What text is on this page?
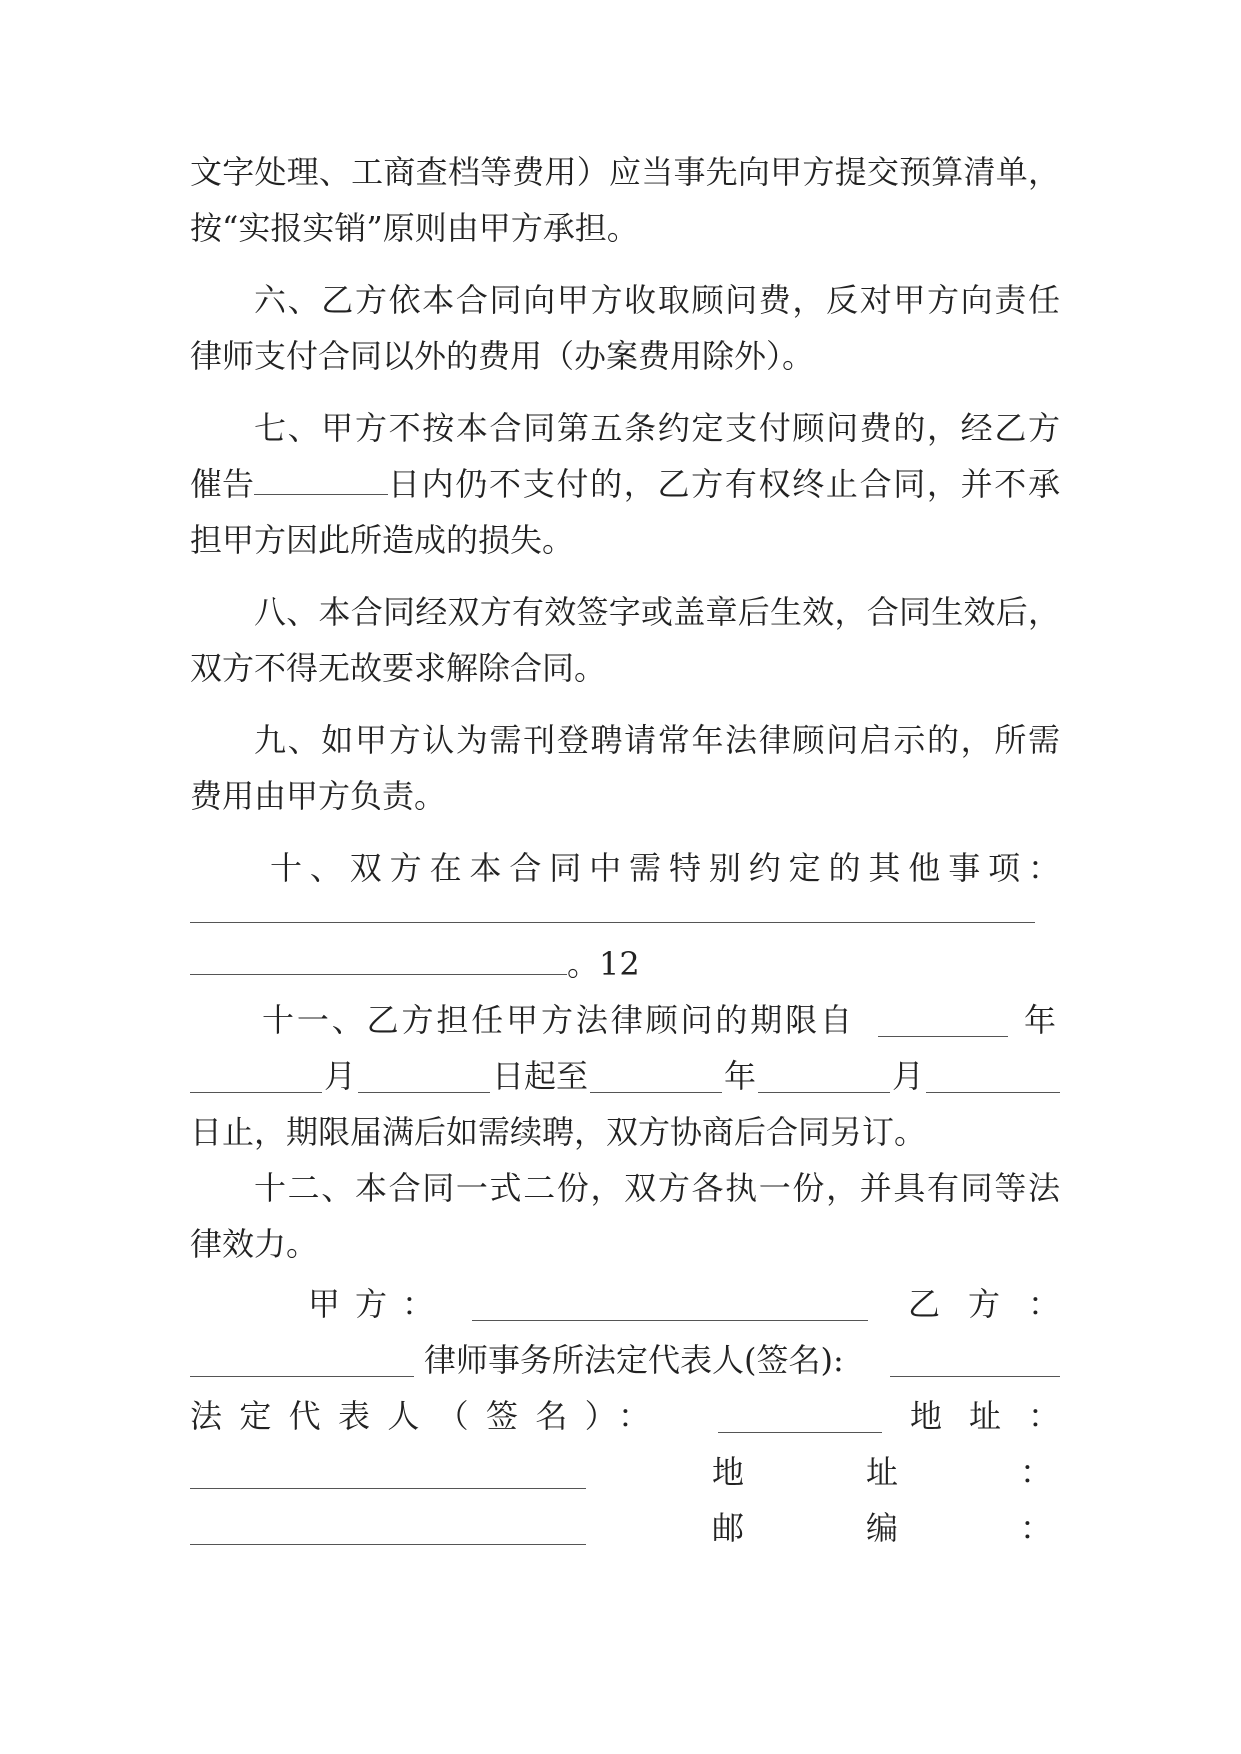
文字处理、工商查档等费用）应当事先向甲方提交预算清单，
按“实报实销”原则由甲方承担。
六、乙方依本合同向甲方收取顾问费，反对甲方向责任
律师支付合同以外的费用（办案费用除外）。
七、甲方不按本合同第五条约定支付顾问费的，经乙方
催告	日内仍不支付的，乙方有权终止合同，并不承
担甲方因此所造成的损失。
八、本合同经双方有效签字或盖章后生效，合同生效后，
双方不得无故要求解除合同。
九、如甲方认为需刊登聘请常年法律顾问启示的，所需
费用由甲方负责。
十、双方在本合同中需特别约定的其他事项：
。12
十一、乙方担任甲方法律顾问的期限自	年
月	日起至	年	月
日止，期限届满后如需续聘，双方协商后合同另订。
十二、本合同一式二份，双方各执一份，并具有同等法
律效力。
甲方：	乙方：
律师事务所法定代表人(签名):
法定代表人（签名）：	地址：
地	址	：
邮	编	：
